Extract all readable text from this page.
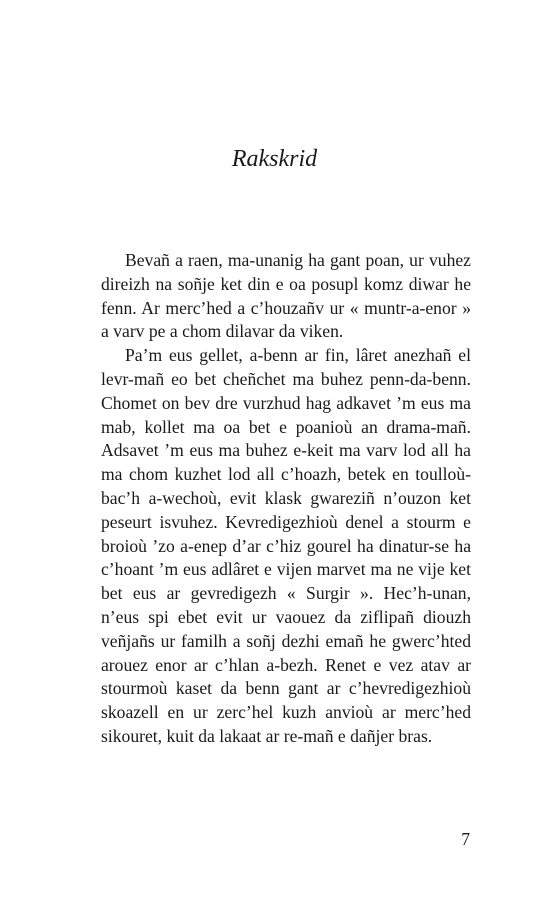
Rakskrid

Bevañ a raen, ma-unanig ha gant poan, ur vuhez direizh na soñje ket din e oa posupl komz diwar he fenn. Ar merc’hed a c’houzañv ur « muntr-a-enor » a varv pe a chom dilavar da viken.

Pa’m eus gellet, a-benn ar fin, lâret anezhañ el levr-mañ eo bet cheñchet ma buhez penn-da-benn. Chomet on bev dre vurzhud hag adkavet ’m eus ma mab, kollet ma oa bet e poanioù an drama-mañ. Adsavet ’m eus ma buhez e-keit ma varv lod all ha ma chom kuzhet lod all c’hoazh, betek en toulloù-bac’h a-wechoù, evit klask gwareziñ n’ouzon ket peseurt isvuhez. Kevredigezhioù denel a stourm e broioù ’zo a-enep d’ar c’hiz gourel ha dinatur-se ha c’hoant ’m eus adlâret e vijen marvet ma ne vije ket bet eus ar gevredigezh « Surgir ». Hec’h-unan, n’eus spi ebet evit ur vaouez da ziflipañ diouzh veñjañs ur familh a soñj dezhi emañ he gwerc’hted arouez enor ar c’hlan a-bezh. Renet e vez atav ar stourmoù kaset da benn gant ar c’hevredigezhioù skoazell en ur zerc’hel kuzh anvioù ar merc’hed sikouret, kuit da lakaat ar re-mañ e dañjer bras.

7
